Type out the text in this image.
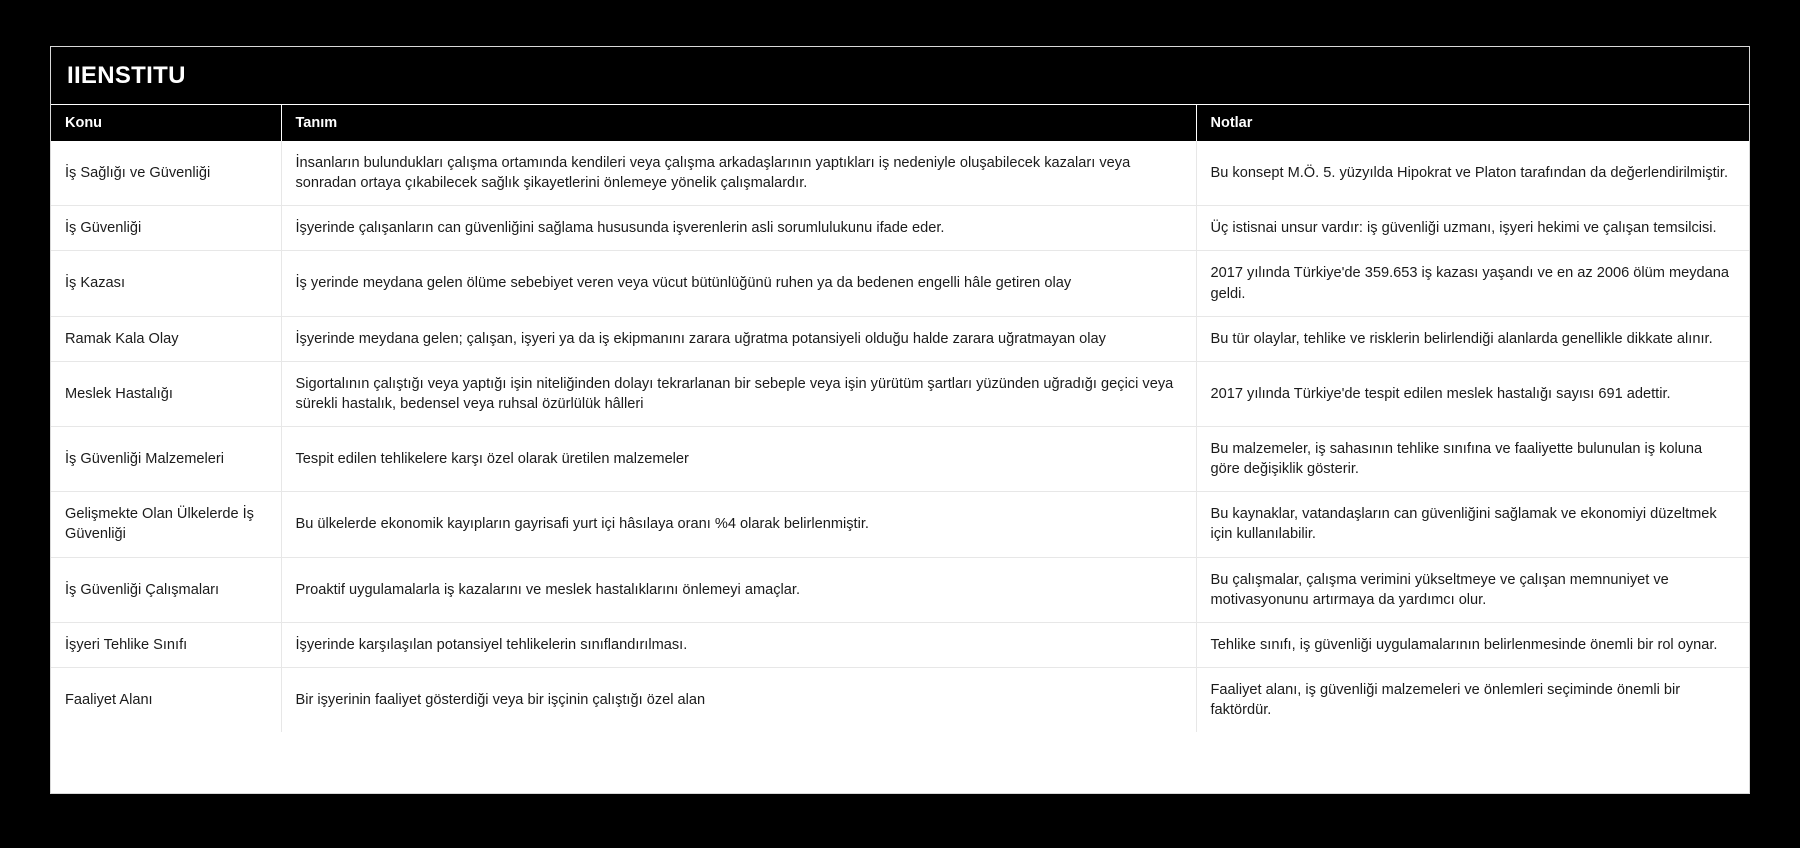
IIENSTITU
Konu	Tanım	Notlar
İş Sağlığı ve Güvenliği	İnsanların bulundukları çalışma ortamında kendileri veya çalışma arkadaşlarının yaptıkları iş nedeniyle oluşabilecek kazaları veya sonradan ortaya çıkabilecek sağlık şikayetlerini önlemeye yönelik çalışmalardır.	Bu konsept M.Ö. 5. yüzyılda Hipokrat ve Platon tarafından da değerlendirilmiştir.
İş Güvenliği	İşyerinde çalışanların can güvenliğini sağlama hususunda işverenlerin asli sorumlulukunu ifade eder.	Üç istisnai unsur vardır: iş güvenliği uzmanı, işyeri hekimi ve çalışan temsilcisi.
İş Kazası	İş yerinde meydana gelen ölüme sebebiyet veren veya vücut bütünlüğünü ruhen ya da bedenen engelli hâle getiren olay	2017 yılında Türkiye'de 359.653 iş kazası yaşandı ve en az 2006 ölüm meydana geldi.
Ramak Kala Olay	İşyerinde meydana gelen; çalışan, işyeri ya da iş ekipmanını zarara uğratma potansiyeli olduğu halde zarara uğratmayan olay	Bu tür olaylar, tehlike ve risklerin belirlendiği alanlarda genellikle dikkate alınır.
Meslek Hastalığı	Sigortalının çalıştığı veya yaptığı işin niteliğinden dolayı tekrarlanan bir sebeple veya işin yürütüm şartları yüzünden uğradığı geçici veya sürekli hastalık, bedensel veya ruhsal özürlülük hâlleri	2017 yılında Türkiye'de tespit edilen meslek hastalığı sayısı 691 adettir.
İş Güvenliği Malzemeleri	Tespit edilen tehlikelere karşı özel olarak üretilen malzemeler	Bu malzemeler, iş sahasının tehlike sınıfına ve faaliyette bulunulan iş koluna göre değişiklik gösterir.
Gelişmekte Olan Ülkelerde İş Güvenliği	Bu ülkelerde ekonomik kayıpların gayrisafi yurt içi hâsılaya oranı %4 olarak belirlenmiştir.	Bu kaynaklar, vatandaşların can güvenliğini sağlamak ve ekonomiyi düzeltmek için kullanılabilir.
İş Güvenliği Çalışmaları	Proaktif uygulamalarla iş kazalarını ve meslek hastalıklarını önlemeyi amaçlar.	Bu çalışmalar, çalışma verimini yükseltmeye ve çalışan memnuniyet ve motivasyonunu artırmaya da yardımcı olur.
İşyeri Tehlike Sınıfı	İşyerinde karşılaşılan potansiyel tehlikelerin sınıflandırılması.	Tehlike sınıfı, iş güvenliği uygulamalarının belirlenmesinde önemli bir rol oynar.
Faaliyet Alanı	Bir işyerinin faaliyet gösterdiği veya bir işçinin çalıştığı özel alan	Faaliyet alanı, iş güvenliği malzemeleri ve önlemleri seçiminde önemli bir faktördür.
